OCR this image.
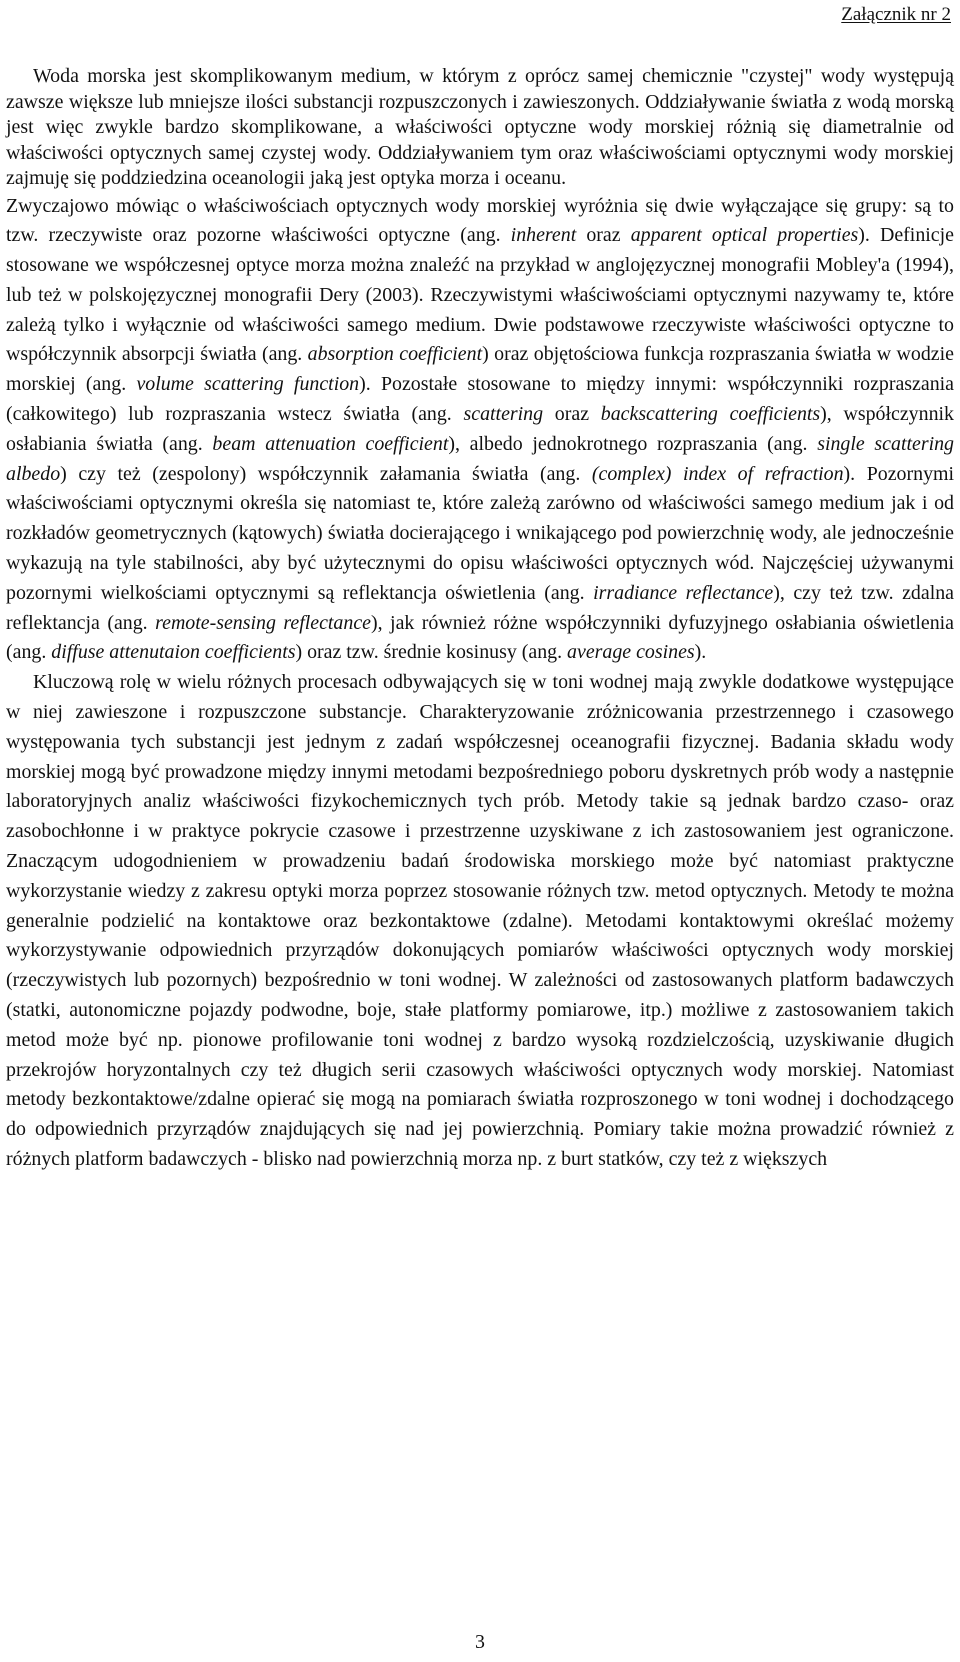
Załącznik nr 2

Woda morska jest skomplikowanym medium, w którym z oprócz samej chemicznie "czystej" wody występują zawsze większe lub mniejsze ilości substancji rozpuszczonych i zawieszonych. Oddziaływanie światła z wodą morską jest więc zwykle bardzo skomplikowane, a właściwości optyczne wody morskiej różnią się diametralnie od właściwości optycznych samej czystej wody. Oddziaływaniem tym oraz właściwościami optycznymi wody morskiej zajmuję się poddziedzina oceanologii jaką jest optyka morza i oceanu.

Zwyczajowo mówiąc o właściwościach optycznych wody morskiej wyróżnia się dwie wyłączające się grupy: są to tzw. rzeczywiste oraz pozorne właściwości optyczne (ang. inherent oraz apparent optical properties). Definicje stosowane we współczesnej optyce morza można znaleźć na przykład w anglojęzycznej monografii Mobley'a (1994), lub też w polskojęzycznej monografii Dery (2003). Rzeczywistymi właściwościami optycznymi nazywamy te, które zależą tylko i wyłącznie od właściwości samego medium. Dwie podstawowe rzeczywiste właściwości optyczne to współczynnik absorpcji światła (ang. absorption coefficient) oraz objętościowa funkcja rozpraszania światła w wodzie morskiej (ang. volume scattering function). Pozostałe stosowane to między innymi: współczynniki rozpraszania (całkowitego) lub rozpraszania wstecz światła (ang. scattering oraz backscattering coefficients), współczynnik osłabiania światła (ang. beam attenuation coefficient), albedo jednokrotnego rozpraszania (ang. single scattering albedo) czy też (zespolony) współczynnik załamania światła (ang. (complex) index of refraction). Pozornymi właściwościami optycznymi określa się natomiast te, które zależą zarówno od właściwości samego medium jak i od rozkładów geometrycznych (kątowych) światła docierającego i wnikającego pod powierzchnię wody, ale jednocześnie wykazują na tyle stabilności, aby być użytecznymi do opisu właściwości optycznych wód. Najczęściej używanymi pozornymi wielkościami optycznymi są reflektancja oświetlenia (ang. irradiance reflectance), czy też tzw. zdalna reflektancja (ang. remote-sensing reflectance), jak również różne współczynniki dyfuzyjnego osłabiania oświetlenia (ang. diffuse attenutaion coefficients) oraz tzw. średnie kosinusy (ang. average cosines).

Kluczową rolę w wielu różnych procesach odbywających się w toni wodnej mają zwykle dodatkowe występujące w niej zawieszone i rozpuszczone substancje. Charakteryzowanie zróżnicowania przestrzennego i czasowego występowania tych substancji jest jednym z zadań współczesnej oceanografii fizycznej. Badania składu wody morskiej mogą być prowadzone między innymi metodami bezpośredniego poboru dyskretnych prób wody a następnie laboratoryjnych analiz właściwości fizykochemicznych tych prób. Metody takie są jednak bardzo czaso- oraz zasobochłonne i w praktyce pokrycie czasowe i przestrzenne uzyskiwane z ich zastosowaniem jest ograniczone. Znaczącym udogodnieniem w prowadzeniu badań środowiska morskiego może być natomiast praktyczne wykorzystanie wiedzy z zakresu optyki morza poprzez stosowanie różnych tzw. metod optycznych. Metody te można generalnie podzielić na kontaktowe oraz bezkontaktowe (zdalne). Metodami kontaktowymi określać możemy wykorzystywanie odpowiednich przyrządów dokonujących pomiarów właściwości optycznych wody morskiej (rzeczywistych lub pozornych) bezpośrednio w toni wodnej. W zależności od zastosowanych platform badawczych (statki, autonomiczne pojazdy podwodne, boje, stałe platformy pomiarowe, itp.) możliwe z zastosowaniem takich metod może być np. pionowe profilowanie toni wodnej z bardzo wysoką rozdzielczością, uzyskiwanie długich przekrojów horyzontalnych czy też długich serii czasowych właściwości optycznych wody morskiej. Natomiast metody bezkontaktowe/zdalne opierać się mogą na pomiarach światła rozproszonego w toni wodnej i dochodzącego do odpowiednich przyrządów znajdujących się nad jej powierzchnią. Pomiary takie można prowadzić również z różnych platform badawczych - blisko nad powierzchnią morza np. z burt statków, czy też z większych

3
